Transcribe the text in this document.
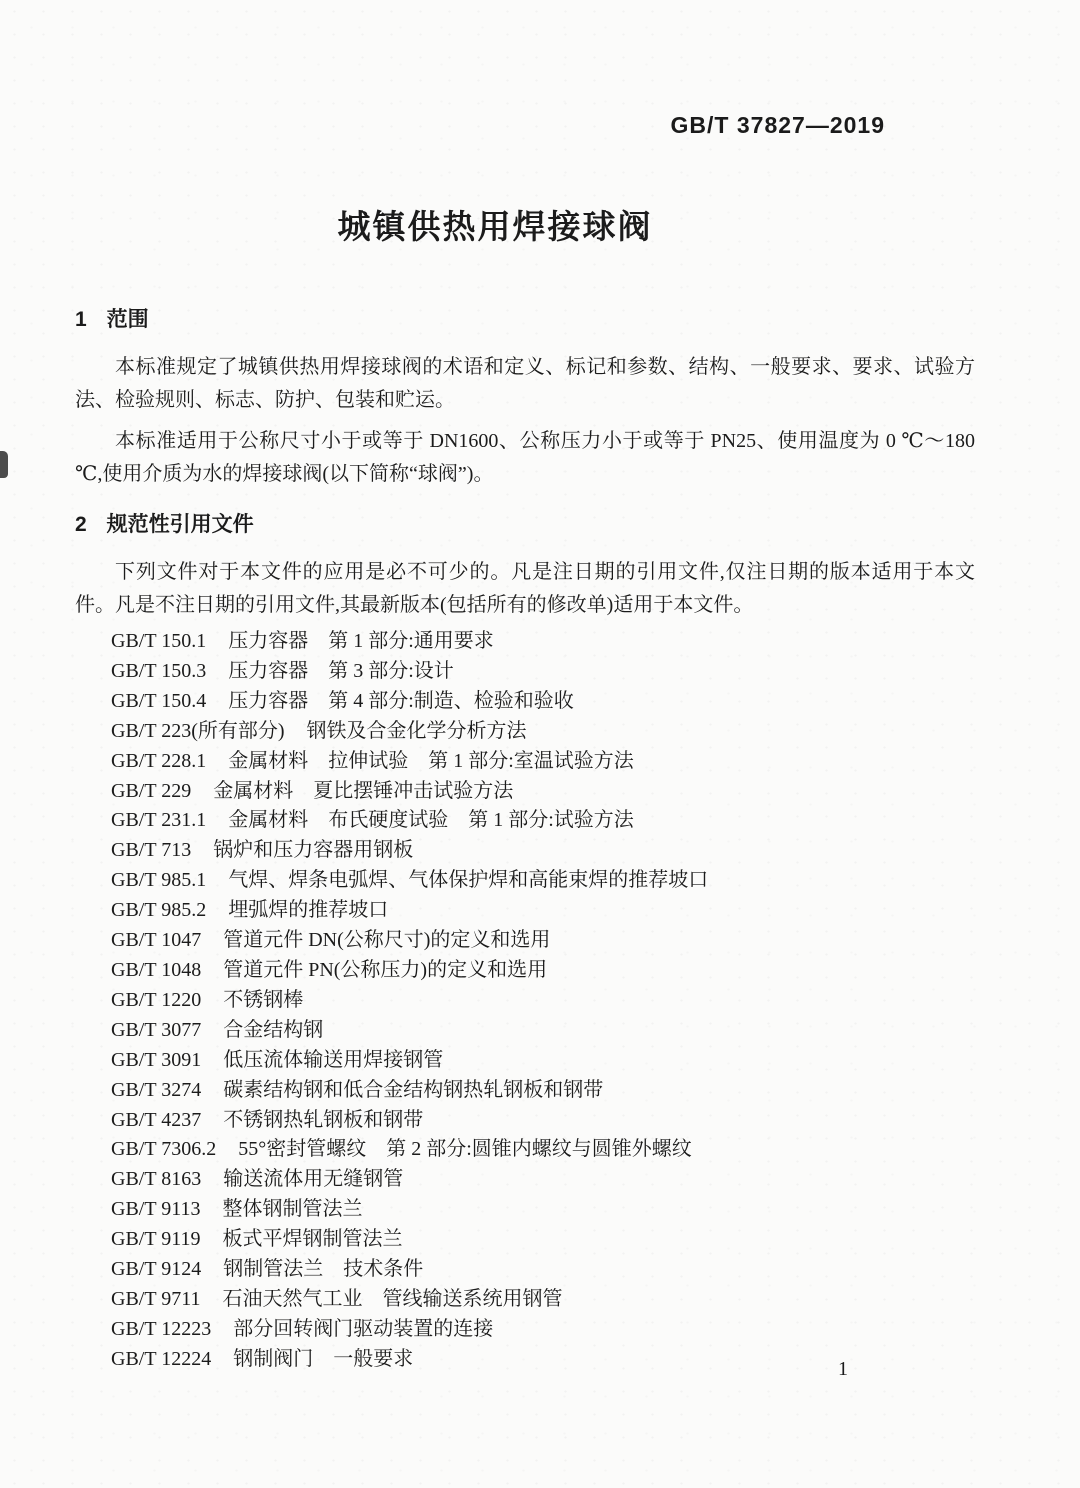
GB/T 37827—2019
城镇供热用焊接球阀
1 范围

本标准规定了城镇供热用焊接球阀的术语和定义、标记和参数、结构、一般要求、要求、试验方法、检验规则、标志、防护、包装和贮运。

本标准适用于公称尺寸小于或等于 DN1600、公称压力小于或等于 PN25、使用温度为 0 ℃～180 ℃,使用介质为水的焊接球阀(以下简称“球阀”)。

2 规范性引用文件

下列文件对于本文件的应用是必不可少的。凡是注日期的引用文件,仅注日期的版本适用于本文件。凡是不注日期的引用文件,其最新版本(包括所有的修改单)适用于本文件。

GB/T 150.1 压力容器　第 1 部分:通用要求
GB/T 150.3 压力容器　第 3 部分:设计
GB/T 150.4 压力容器　第 4 部分:制造、检验和验收
GB/T 223(所有部分) 钢铁及合金化学分析方法
GB/T 228.1 金属材料　拉伸试验　第 1 部分:室温试验方法
GB/T 229 金属材料　夏比摆锤冲击试验方法
GB/T 231.1 金属材料　布氏硬度试验　第 1 部分:试验方法
GB/T 713 锅炉和压力容器用钢板
GB/T 985.1 气焊、焊条电弧焊、气体保护焊和高能束焊的推荐坡口
GB/T 985.2 埋弧焊的推荐坡口
GB/T 1047 管道元件 DN(公称尺寸)的定义和选用
GB/T 1048 管道元件 PN(公称压力)的定义和选用
GB/T 1220 不锈钢棒
GB/T 3077 合金结构钢
GB/T 3091 低压流体输送用焊接钢管
GB/T 3274 碳素结构钢和低合金结构钢热轧钢板和钢带
GB/T 4237 不锈钢热轧钢板和钢带
GB/T 7306.2 55°密封管螺纹　第 2 部分:圆锥内螺纹与圆锥外螺纹
GB/T 8163 输送流体用无缝钢管
GB/T 9113 整体钢制管法兰
GB/T 9119 板式平焊钢制管法兰
GB/T 9124 钢制管法兰　技术条件
GB/T 9711 石油天然气工业　管线输送系统用钢管
GB/T 12223 部分回转阀门驱动装置的连接
GB/T 12224 钢制阀门　一般要求	1
